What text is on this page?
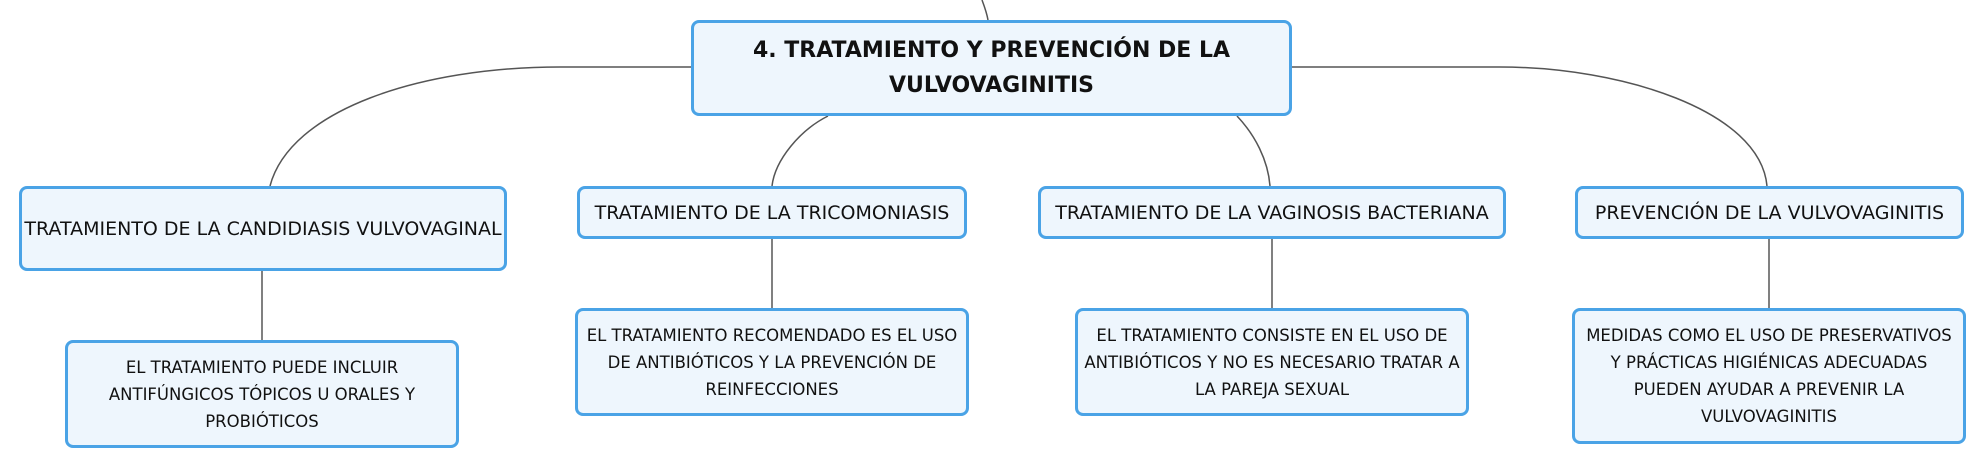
4. TRATAMIENTO Y PREVENCIÓN DE LA VULVOVAGINITIS
TRATAMIENTO DE LA CANDIDIASIS VULVOVAGINAL
TRATAMIENTO DE LA TRICOMONIASIS	TRATAMIENTO DE LA VAGINOSIS BACTERIANA	PREVENCIÓN DE LA VULVOVAGINITIS
EL TRATAMIENTO PUEDE INCLUIR ANTIFÚNGICOS TÓPICOS U ORALES Y PROBIÓTICOS
EL TRATAMIENTO RECOMENDADO ES EL USO DE ANTIBIÓTICOS Y LA PREVENCIÓN DE REINFECCIONES
EL TRATAMIENTO CONSISTE EN EL USO DE ANTIBIÓTICOS Y NO ES NECESARIO TRATAR A LA PAREJA SEXUAL
MEDIDAS COMO EL USO DE PRESERVATIVOS Y PRÁCTICAS HIGIÉNICAS ADECUADAS PUEDEN AYUDAR A PREVENIR LA VULVOVAGINITIS
